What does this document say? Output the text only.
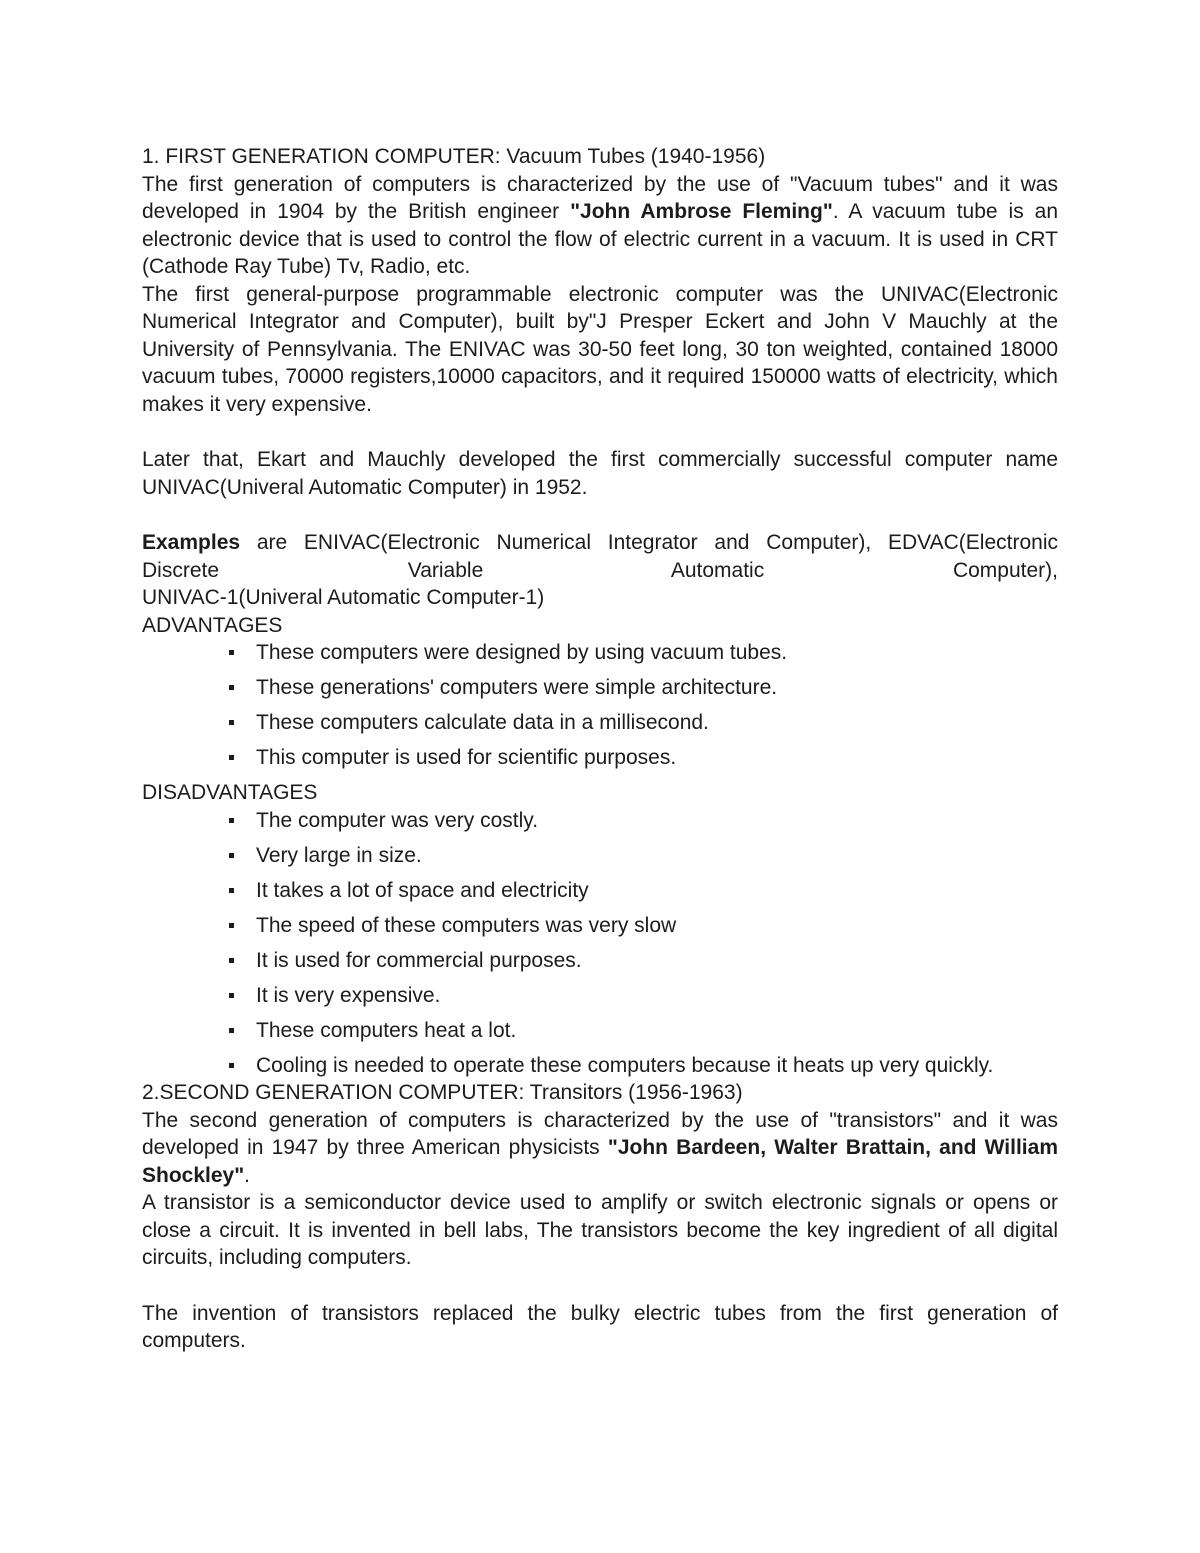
1. FIRST GENERATION COMPUTER: Vacuum Tubes (1940-1956)
The first generation of computers is characterized by the use of "Vacuum tubes" and it was developed in 1904 by the British engineer "John Ambrose Fleming". A vacuum tube is an electronic device that is used to control the flow of electric current in a vacuum. It is used in CRT (Cathode Ray Tube) Tv, Radio, etc.
The first general-purpose programmable electronic computer was the UNIVAC(Electronic Numerical Integrator and Computer), built by"J Presper Eckert and John V Mauchly at the University of Pennsylvania. The ENIVAC was 30-50 feet long, 30 ton weighted, contained 18000 vacuum tubes, 70000 registers,10000 capacitors, and it required 150000 watts of electricity, which makes it very expensive.
Later that, Ekart and Mauchly developed the first commercially successful computer name UNIVAC(Univeral Automatic Computer) in 1952.
Examples are ENIVAC(Electronic Numerical Integrator and Computer), EDVAC(Electronic Discrete Variable Automatic Computer),
UNIVAC-1(Univeral Automatic Computer-1)
ADVANTAGES
These computers were designed by using vacuum tubes.
These generations' computers were simple architecture.
These computers calculate data in a millisecond.
This computer is used for scientific purposes.
DISADVANTAGES
The computer was very costly.
Very large in size.
It takes a lot of space and electricity
The speed of these computers was very slow
It is used for commercial purposes.
It is very expensive.
These computers heat a lot.
Cooling is needed to operate these computers because it heats up very quickly.
2.SECOND GENERATION COMPUTER: Transitors (1956-1963)
The second generation of computers is characterized by the use of "transistors" and it was developed in 1947 by three American physicists "John Bardeen, Walter Brattain, and William Shockley".
A transistor is a semiconductor device used to amplify or switch electronic signals or opens or close a circuit. It is invented in bell labs, The transistors become the key ingredient of all digital circuits, including computers.
The invention of transistors replaced the bulky electric tubes from the first generation of computers.
